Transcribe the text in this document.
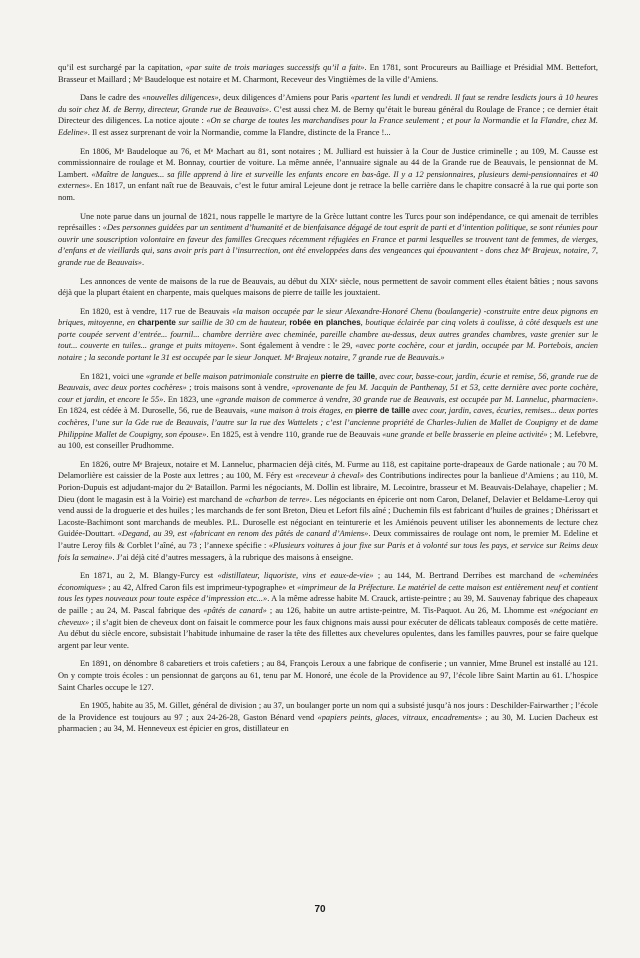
qu’il est surchargé par la capitation, «par suite de trois mariages successifs qu’il a fait». En 1781, sont Procureurs au Bailliage et Présidial MM. Bettefort, Brasseur et Maillard ; Mᵉ Baudeloque est notaire et M. Charmont, Receveur des Vingtièmes de la ville d’Amiens.

Dans le cadre des «nouvelles diligences», deux diligences d’Amiens pour Paris «partent les lundi et vendredi. Il faut se rendre lesdicts jours à 10 heures du soir chez M. de Berny, directeur, Grande rue de Beauvais». C’est aussi chez M. de Berny qu’était le bureau général du Roulage de France ; ce dernier était Directeur des diligences. La notice ajoute : «On se charge de toutes les marchandises pour la France seulement ; et pour la Normandie et la Flandre, chez M. Edeline». Il est assez surprenant de voir la Normandie, comme la Flandre, distincte de la France !...

En 1806, Mᵉ Baudeloque au 76, et Mᵉ Machart au 81, sont notaires ; M. Julliard est huissier à la Cour de Justice criminelle ; au 109, M. Causse est commissionnaire de roulage et M. Bonnay, courtier de voiture. La même année, l’annuaire signale au 44 de la Grande rue de Beauvais, le pensionnat de M. Lambert. «Maître de langues... sa fille apprend à lire et surveille les enfants encore en bas-âge. Il y a 12 pensionnaires, plusieurs demi-pensionnaires et 40 externes». En 1817, un enfant naît rue de Beauvais, c’est le futur amiral Lejeune dont je retrace la belle carrière dans le chapitre consacré à la rue qui porte son nom.

Une note parue dans un journal de 1821, nous rappelle le martyre de la Grèce luttant contre les Turcs pour son indépendance, ce qui amenait de terribles représailles : «Des personnes guidées par un sentiment d’humanité et de bienfaisance dégagé de tout esprit de parti et d’intention politique, se sont réunies pour ouvrir une souscription volontaire en faveur des familles Grecques récemment réfugiées en France et parmi lesquelles se trouvent tant de femmes, de vierges, d’enfans et de vieillards qui, sans avoir pris part à l’insurrection, ont été enveloppées dans des vengeances qui épouvantent - dons chez Mᵉ Brajeux, notaire, 7, grande rue de Beauvais».

Les annonces de vente de maisons de la rue de Beauvais, au début du XIXᵉ siècle, nous permettent de savoir comment elles étaient bâties ; nous savons déjà que la plupart étaient en charpente, mais quelques maisons de pierre de taille les jouxtaient.

En 1820, est à vendre, 117 rue de Beauvais «la maison occupée par le sieur Alexandre-Honoré Chenu (boulangerie) -construite entre deux pignons en briques, mitoyenne, en charpente sur saillie de 30 cm de hauteur, robée en planches, boutique éclairée par cinq volets à coulisse, à côté desquels est une porte coupée servent d’entrée... fournil... chambre derrière avec cheminée, pareille chambre au-dessus, deux autres grandes chambres, vaste grenier sur le tout... couverte en tuiles... grange et puits mitoyen». Sont également à vendre : le 29, «avec porte cochère, cour et jardin, occupée par M. Portebois, ancien notaire ; la seconde portant le 31 est occupée par le sieur Jonquet. Mᵉ Brajeux notaire, 7 grande rue de Beauvais.»

En 1821, voici une «grande et belle maison patrimoniale construite en pierre de taille, avec cour, basse-cour, jardin, écurie et remise, 56, grande rue de Beauvais, avec deux portes cochères» ; trois maisons sont à vendre, «provenante de feu M. Jacquin de Panthenay, 51 et 53, cette dernière avec porte cochère, cour et jardin, et encore le 55». En 1823, une «grande maison de commerce à vendre, 30 grande rue de Beauvais, est occupée par M. Lanneluc, pharmacien». En 1824, est cédée à M. Duroselle, 56, rue de Beauvais, «une maison à trois étages, en pierre de taille avec cour, jardin, caves, écuries, remises... deux portes cochères, l’une sur la Gde rue de Beauvais, l’autre sur la rue des Wattelets ; c’est l’ancienne propriété de Charles-Julien de Mallet de Coupigny et de dame Philippine Mallet de Coupigny, son épouse». En 1825, est à vendre 110, grande rue de Beauvais «une grande et belle brasserie en pleine activité» ; M. Lefebvre, au 100, est conseiller Prudhomme.

En 1826, outre Mᵉ Brajeux, notaire et M. Lanneluc, pharmacien déjà cités, M. Furme au 118, est capitaine porte-drapeaux de Garde nationale ; au 70 M. Delamorlière est caissier de la Poste aux lettres ; au 100, M. Féry est «receveur à cheval» des Contributions indirectes pour la banlieue d’Amiens ; au 110, M. Porion-Dupuis est adjudant-major du 2ᵉ Bataillon. Parmi les négociants, M. Dollin est libraire, M. Lecointre, brasseur et M. Beauvais-Delahaye, chapelier ; M. Dieu (dont le magasin est à la Voirie) est marchand de «charbon de terre». Les négociants en épicerie ont nom Caron, Delanef, Delavier et Beldame-Leroy qui vend aussi de la droguerie et des huiles ; les marchands de fer sont Breton, Dieu et Lefort fils aîné ; Duchemin fils est fabricant d’huiles de graines ; Dhérissart et Lacoste-Bachimont sont marchands de meubles. P.L. Duroselle est négociant en teinturerie et les Amiénois peuvent utiliser les abonnements de lecture chez Guidée-Douttart. «Degand, au 39, est «fabricant en renom des pâtés de canard d’Amiens». Deux commissaires de roulage ont nom, le premier M. Edeline et l’autre Leroy fils & Corblet l’aîné, au 73 ; l’annexe spécifie : «Plusieurs voitures à jour fixe sur Paris et à volonté sur tous les pays, et service sur Reims deux fois la semaine». J’ai déjà cité d’autres messagers, à la rubrique des maisons à enseigne.

En 1871, au 2, M. Blangy-Furcy est «distillateur, liquoriste, vins et eaux-de-vie» ; au 144, M. Bertrand Derribes est marchand de «cheminées économiques» ; au 42, Alfred Caron fils est imprimeur-typographe» et «imprimeur de la Préfecture. Le matériel de cette maison est entièrement neuf et contient tous les types nouveaux pour toute espèce d’impression etc...». A la même adresse habite M. Crauck, artiste-peintre ; au 39, M. Sauvenay fabrique des chapeaux de paille ; au 24, M. Pascal fabrique des «pâtés de canard» ; au 126, habite un autre artiste-peintre, M. Tis-Paquot. Au 26, M. Lhomme est «négociant en cheveux» ; il s’agit bien de cheveux dont on faisait le commerce pour les faux chignons mais aussi pour exécuter de délicats tableaux composés de cette matière. Au début du siècle encore, subsistait l’habitude inhumaine de raser la tête des fillettes aux chevelures opulentes, dans les familles pauvres, pour se faire quelque argent par leur vente.

En 1891, on dénombre 8 cabaretiers et trois cafetiers ; au 84, François Leroux a une fabrique de confiserie ; un vannier, Mme Brunel est installé au 121. On y compte trois écoles : un pensionnat de garçons au 61, tenu par M. Honoré, une école de la Providence au 97, l’école libre Saint Martin au 61. L’hospice Saint Charles occupe le 127.

En 1905, habite au 35, M. Gillet, général de division ; au 37, un boulanger porte un nom qui a subsisté jusqu’à nos jours : Deschilder-Fairwarther ; l’école de la Providence est toujours au 97 ; aux 24-26-28, Gaston Bénard vend «papiers peints, glaces, vitraux, encadrements» ; au 30, M. Lucien Dacheux est pharmacien ; au 34, M. Henneveux est épicier en gros, distillateur en

70
